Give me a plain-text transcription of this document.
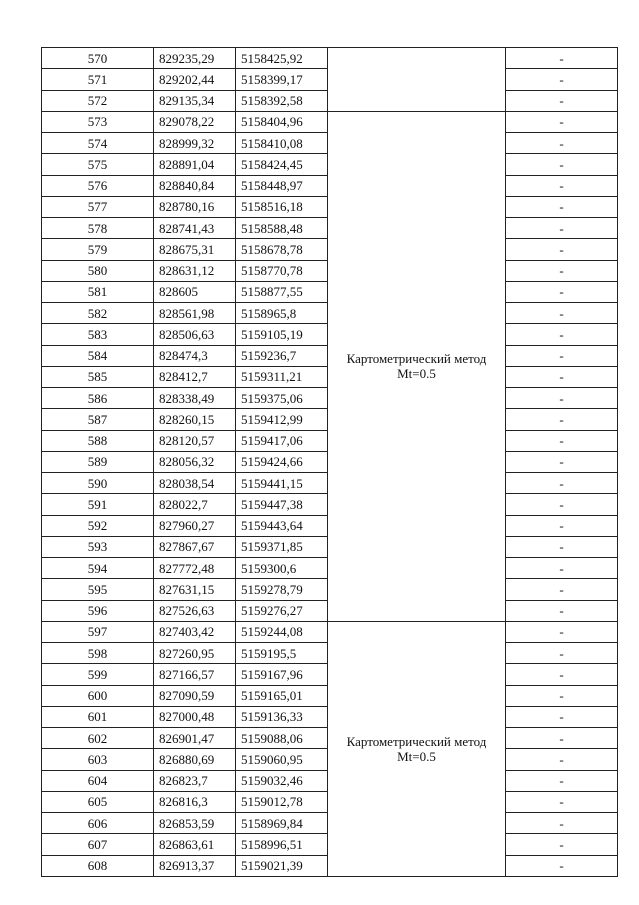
570	829235,29	5158425,92		-
571	829202,44	5158399,17		-
572	829135,34	5158392,58		-
573	829078,22	5158404,96	Картометрический метод
Mt=0.5	-
574	828999,32	5158410,08		-
575	828891,04	5158424,45		-
576	828840,84	5158448,97		-
577	828780,16	5158516,18		-
578	828741,43	5158588,48		-
579	828675,31	5158678,78		-
580	828631,12	5158770,78		-
581	828605	5158877,55		-
582	828561,98	5158965,8		-
583	828506,63	5159105,19		-
584	828474,3	5159236,7		-
585	828412,7	5159311,21		-
586	828338,49	5159375,06		-
587	828260,15	5159412,99		-
588	828120,57	5159417,06		-
589	828056,32	5159424,66		-
590	828038,54	5159441,15		-
591	828022,7	5159447,38		-
592	827960,27	5159443,64		-
593	827867,67	5159371,85		-
594	827772,48	5159300,6		-
595	827631,15	5159278,79		-
596	827526,63	5159276,27		-
597	827403,42	5159244,08	Картометрический метод
Mt=0.5	-
598	827260,95	5159195,5		-
599	827166,57	5159167,96		-
600	827090,59	5159165,01		-
601	827000,48	5159136,33		-
602	826901,47	5159088,06		-
603	826880,69	5159060,95		-
604	826823,7	5159032,46		-
605	826816,3	5159012,78		-
606	826853,59	5158969,84		-
607	826863,61	5158996,51		-
608	826913,37	5159021,39		-
